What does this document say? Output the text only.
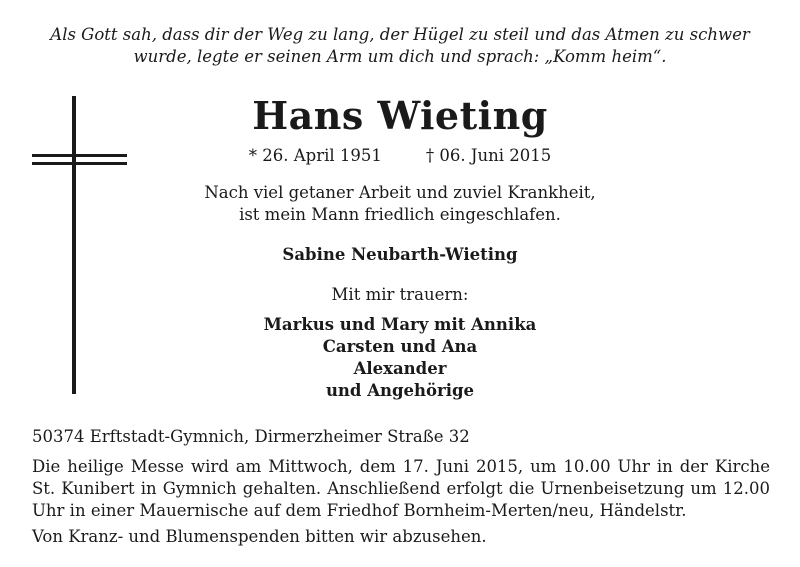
Als Gott sah, dass dir der Weg zu lang, der Hügel zu steil und das Atmen zu schwer
wurde, legte er seinen Arm um dich und sprach: „Komm heim“.
Hans Wieting
* 26. April 1951	† 06. Juni 2015
Nach viel getaner Arbeit und zuviel Krankheit,
ist mein Mann friedlich eingeschlafen.
Sabine Neubarth-Wieting
Mit mir trauern:
Markus und Mary mit Annika
Carsten und Ana
Alexander
und Angehörige
50374 Erftstadt-Gymnich, Dirmerzheimer Straße 32
Die heilige Messe wird am Mittwoch, dem 17. Juni 2015, um 10.00 Uhr in der Kirche St. Kunibert in Gymnich gehalten. Anschließend erfolgt die Urnenbeisetzung um 12.00 Uhr in einer Mauernische auf dem Friedhof Bornheim-Merten/neu, Händelstr.
Von Kranz- und Blumenspenden bitten wir abzusehen.
